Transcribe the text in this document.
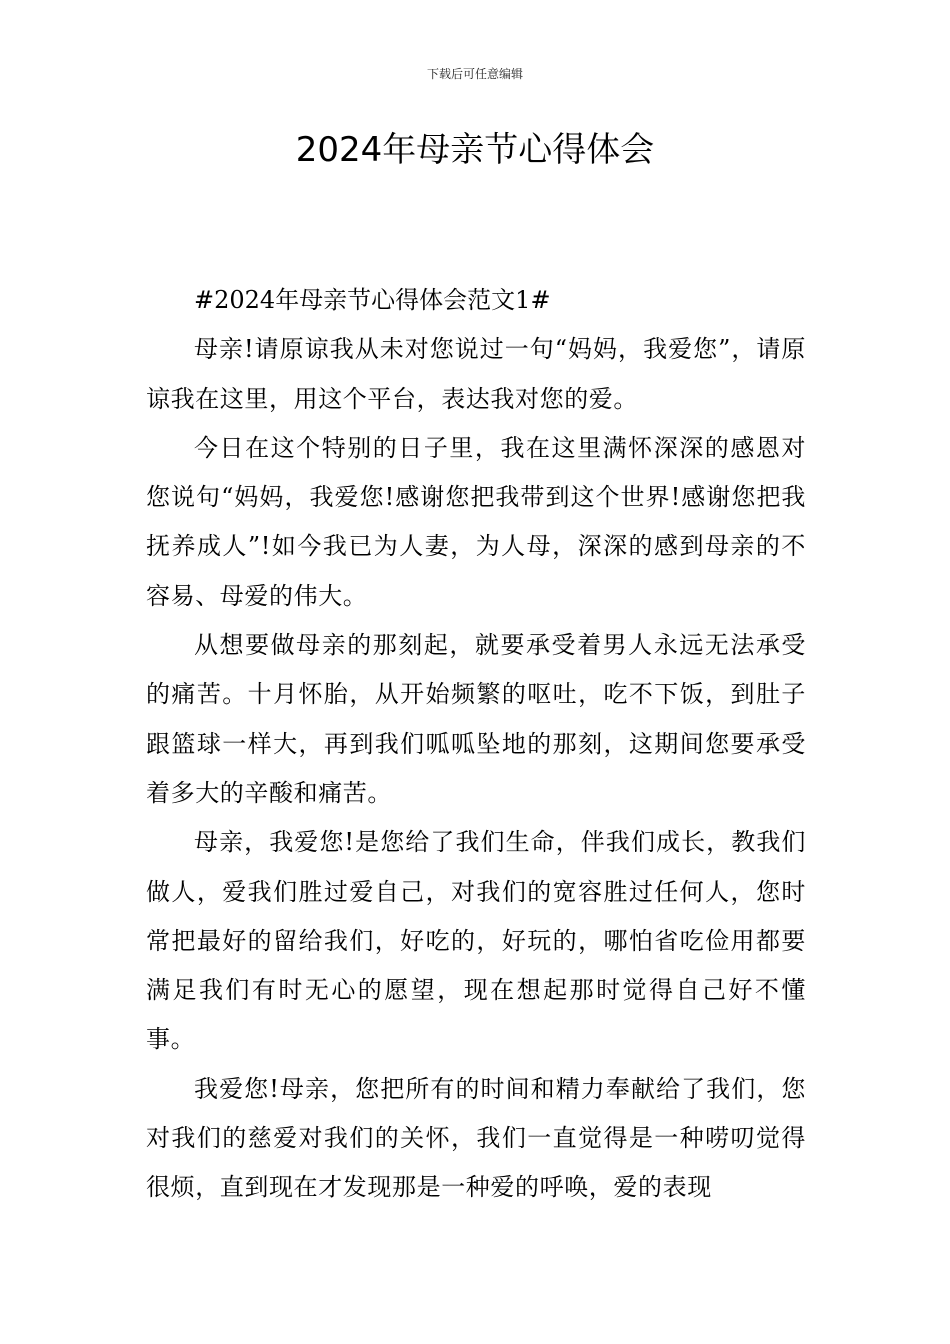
下载后可任意编辑
2024年母亲节心得体会

#2024年母亲节心得体会范文1#

母亲!请原谅我从未对您说过一句“妈妈，我爱您”，请原谅我在这里，用这个平台，表达我对您的爱。

今日在这个特别的日子里，我在这里满怀深深的感恩对您说句“妈妈，我爱您!感谢您把我带到这个世界!感谢您把我抚养成人”!如今我已为人妻，为人母，深深的感到母亲的不容易、母爱的伟大。

从想要做母亲的那刻起，就要承受着男人永远无法承受的痛苦。十月怀胎，从开始频繁的呕吐，吃不下饭，到肚子跟篮球一样大，再到我们呱呱坠地的那刻，这期间您要承受着多大的辛酸和痛苦。

母亲，我爱您!是您给了我们生命，伴我们成长，教我们做人，爱我们胜过爱自己，对我们的宽容胜过任何人，您时常把最好的留给我们，好吃的，好玩的，哪怕省吃俭用都要满足我们有时无心的愿望，现在想起那时觉得自己好不懂事。

我爱您!母亲，您把所有的时间和精力奉献给了我们，您对我们的慈爱对我们的关怀，我们一直觉得是一种唠叨觉得很烦，直到现在才发现那是一种爱的呼唤，爱的表现
